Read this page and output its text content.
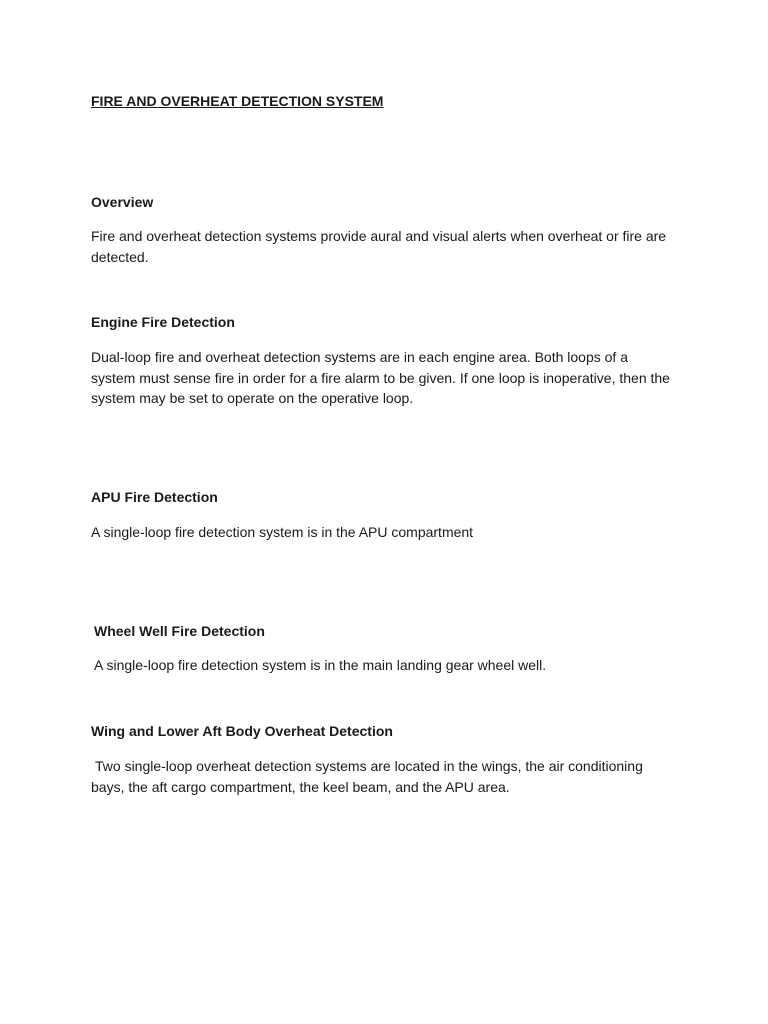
FIRE AND OVERHEAT DETECTION SYSTEM
Overview

Fire and overheat detection systems provide aural and visual alerts when overheat or fire are detected.

Engine Fire Detection

Dual-loop fire and overheat detection systems are in each engine area. Both loops of a system must sense fire in order for a fire alarm to be given. If one loop is inoperative, then the system may be set to operate on the operative loop.

APU Fire Detection

A single-loop fire detection system is in the APU compartment

Wheel Well Fire Detection

A single-loop fire detection system is in the main landing gear wheel well.

Wing and Lower Aft Body Overheat Detection

Two single-loop overheat detection systems are located in the wings, the air conditioning bays, the aft cargo compartment, the keel beam, and the APU area.
